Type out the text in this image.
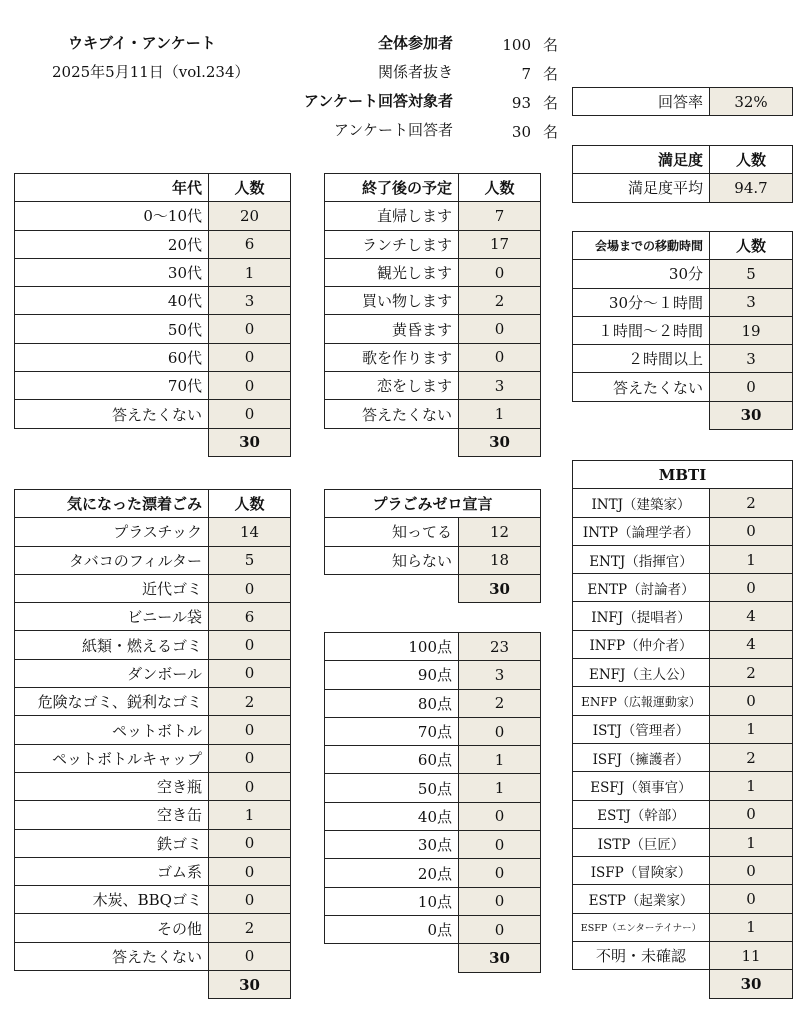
ウキブイ・アンケート
2025年5月11日（vol.234）
全体参加者	100 名
関係者抜き	7 名
アンケート回答対象者	93 名
アンケート回答者	30 名
回答率	32%
満足度	人数
満足度平均	94.7
年代	人数
0〜10代	20
20代	6
30代	1
40代	3
50代	0
60代	0
70代	0
答えたくない	0
	30
終了後の予定	人数
直帰します	7
ランチします	17
観光します	0
買い物します	2
黄昏ます	0
歌を作ります	0
恋をします	3
答えたくない	1
	30
会場までの移動時間	人数
30分	5
30分〜１時間	3
１時間〜２時間	19
２時間以上	3
答えたくない	0
	30
気になった漂着ごみ	人数
プラスチック	14
タバコのフィルター	5
近代ゴミ	0
ビニール袋	6
紙類・燃えるゴミ	0
ダンボール	0
危険なゴミ、鋭利なゴミ	2
ペットボトル	0
ペットボトルキャップ	0
空き瓶	0
空き缶	1
鉄ゴミ	0
ゴム系	0
木炭、BBQゴミ	0
その他	2
答えたくない	0
	30
プラごみゼロ宣言	
知ってる	12
知らない	18
	30
100点	23
90点	3
80点	2
70点	0
60点	1
50点	1
40点	0
30点	0
20点	0
10点	0
0点	0
	30
MBTI	
INTJ（建築家）	2
INTP（論理学者）	0
ENTJ（指揮官）	1
ENTP（討論者）	0
INFJ（提唱者）	4
INFP（仲介者）	4
ENFJ（主人公）	2
ENFP（広報運動家）	0
ISTJ（管理者）	1
ISFJ（擁護者）	2
ESFJ（領事官）	1
ESTJ（幹部）	0
ISTP（巨匠）	1
ISFP（冒険家）	0
ESTP（起業家）	0
ESFP（エンターテイナー）	1
不明・未確認	11
	30
